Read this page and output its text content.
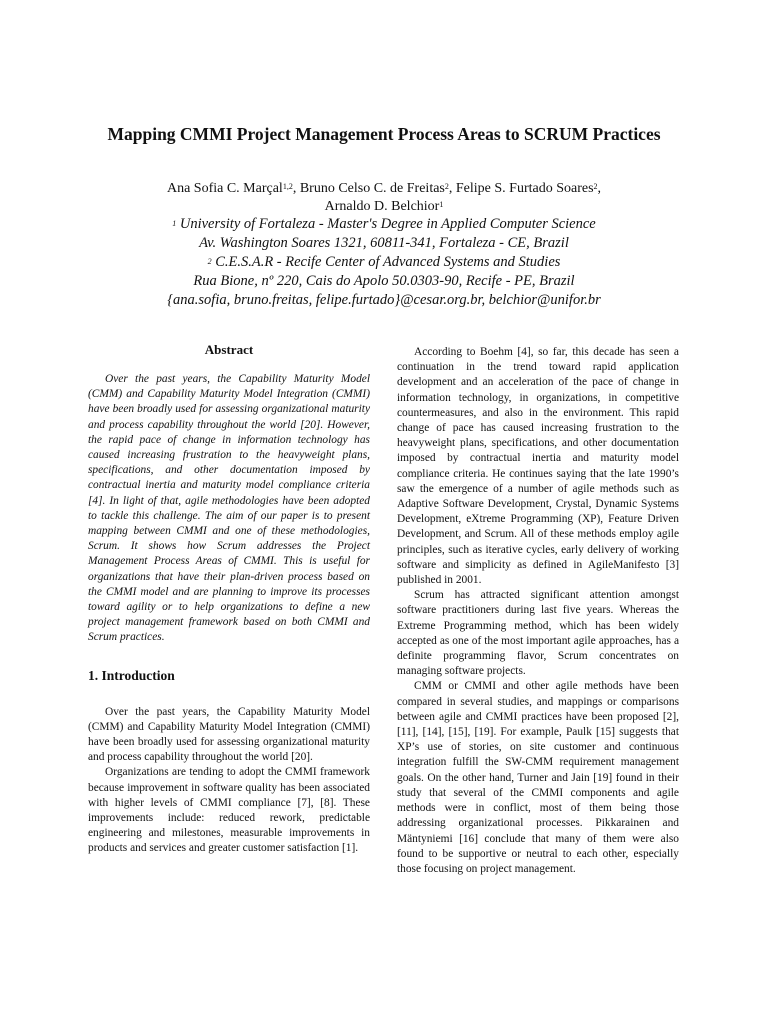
Mapping CMMI Project Management Process Areas to SCRUM Practices

Ana Sofia C. Marçal$^{1,2}$, Bruno Celso C. de Freitas$^2$, Felipe S. Furtado Soares$^2$, Arnaldo D. Belchior$^1$

$^1$ University of Fortaleza - Master's Degree in Applied Computer Science

Av. Washington Soares 1321, 60811-341, Fortaleza - CE, Brazil

$^2$ C.E.S.A.R - Recife Center of Advanced Systems and Studies

Rua Bione, nº 220, Cais do Apolo 50.0303-90, Recife - PE, Brazil

{ana.sofia, bruno.freitas, felipe.furtado}@cesar.org.br, belchior@unifor.br

Abstract

Over the past years, the Capability Maturity Model (CMM) and Capability Maturity Model Integration (CMMI) have been broadly used for assessing organizational maturity and process capability throughout the world [20]. However, the rapid pace of change in information technology has caused increasing frustration to the heavyweight plans, specifications, and other documentation imposed by contractual inertia and maturity model compliance criteria [4]. In light of that, agile methodologies have been adopted to tackle this challenge. The aim of our paper is to present mapping between CMMI and one of these methodologies, Scrum. It shows how Scrum addresses the Project Management Process Areas of CMMI. This is useful for organizations that have their plan-driven process based on the CMMI model and are planning to improve its processes toward agility or to help organizations to define a new project management framework based on both CMMI and Scrum practices.

1. Introduction

Over the past years, the Capability Maturity Model (CMM) and Capability Maturity Model Integration (CMMI) have been broadly used for assessing organizational maturity and process capability throughout the world [20].

Organizations are tending to adopt the CMMI framework because improvement in software quality has been associated with higher levels of CMMI compliance [7], [8]. These improvements include: reduced rework, predictable engineering and milestones, measurable improvements in products and services and greater customer satisfaction [1].

According to Boehm [4], so far, this decade has seen a continuation in the trend toward rapid application development and an acceleration of the pace of change in information technology, in organizations, in competitive countermeasures, and also in the environment. This rapid change of pace has caused increasing frustration to the heavyweight plans, specifications, and other documentation imposed by contractual inertia and maturity model compliance criteria. He continues saying that the late 1990’s saw the emergence of a number of agile methods such as Adaptive Software Development, Crystal, Dynamic Systems Development, eXtreme Programming (XP), Feature Driven Development, and Scrum. All of these methods employ agile principles, such as iterative cycles, early delivery of working software and simplicity as defined in AgileManifesto [3] published in 2001.

Scrum has attracted significant attention amongst software practitioners during last five years. Whereas the Extreme Programming method, which has been widely accepted as one of the most important agile approaches, has a definite programming flavor, Scrum concentrates on managing software projects.

CMM or CMMI and other agile methods have been compared in several studies, and mappings or comparisons between agile and CMMI practices have been proposed [2], [11], [14], [15], [19]. For example, Paulk [15] suggests that XP’s use of stories, on site customer and continuous integration fulfill the SW-CMM requirement management goals. On the other hand, Turner and Jain [19] found in their study that several of the CMMI components and agile methods were in conflict, most of them being those addressing organizational processes. Pikkarainen and Mäntyniemi [16] conclude that many of them were also found to be supportive or neutral to each other, especially those focusing on project management.
